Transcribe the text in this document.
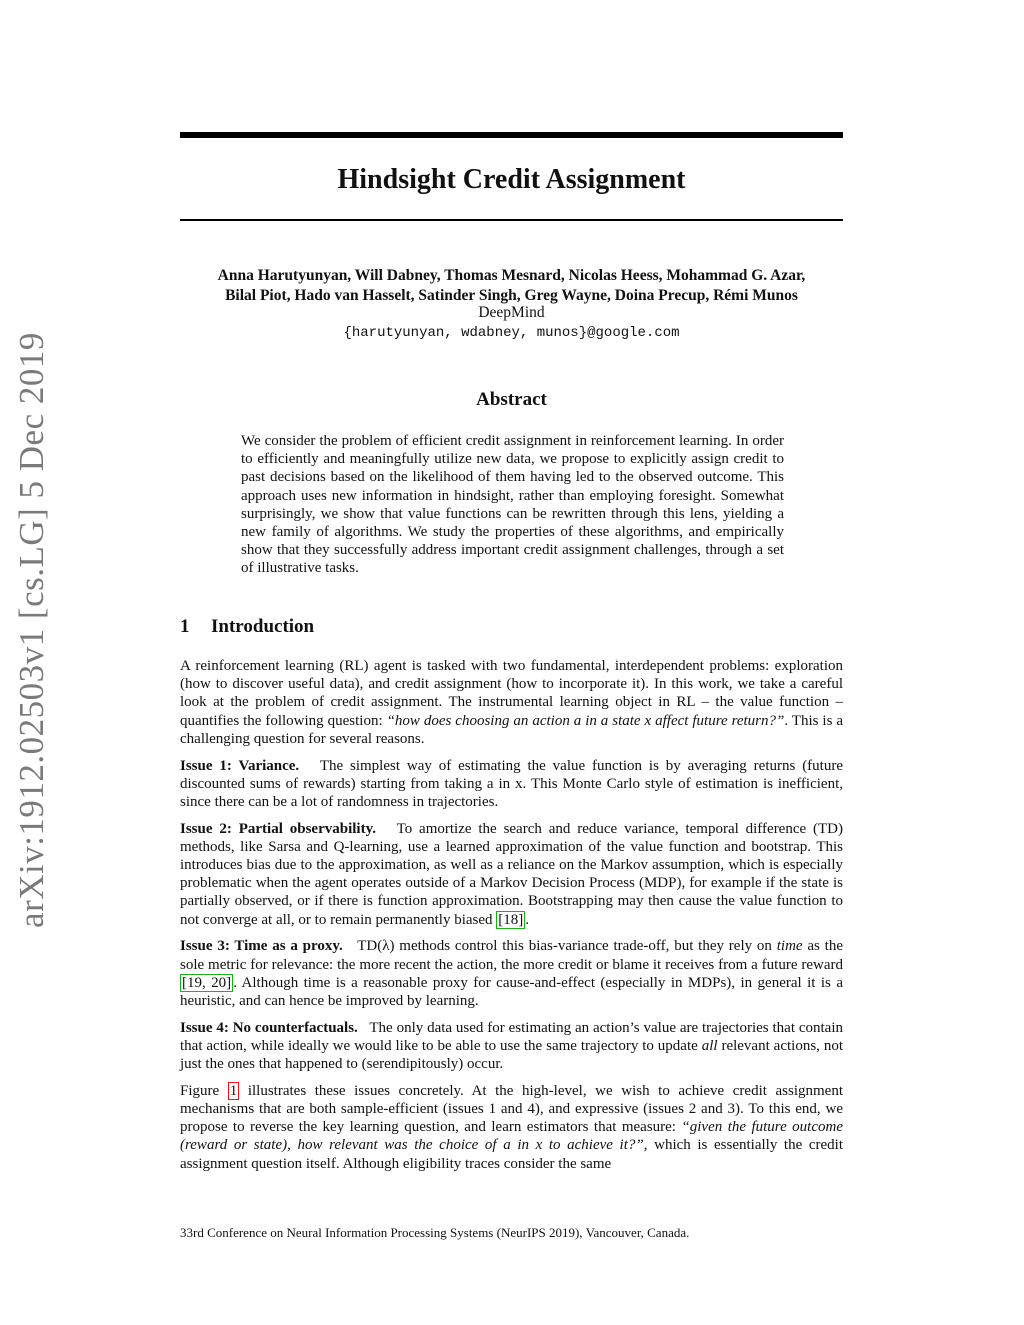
arXiv:1912.02503v1 [cs.LG] 5 Dec 2019
Hindsight Credit Assignment
Anna Harutyunyan, Will Dabney, Thomas Mesnard, Nicolas Heess, Mohammad G. Azar,
Bilal Piot, Hado van Hasselt, Satinder Singh, Greg Wayne, Doina Precup, Rémi Munos
DeepMind
{harutyunyan, wdabney, munos}@google.com
Abstract
We consider the problem of efficient credit assignment in reinforcement learning. In order to efficiently and meaningfully utilize new data, we propose to explicitly assign credit to past decisions based on the likelihood of them having led to the observed outcome. This approach uses new information in hindsight, rather than employing foresight. Somewhat surprisingly, we show that value functions can be rewritten through this lens, yielding a new family of algorithms. We study the properties of these algorithms, and empirically show that they successfully address important credit assignment challenges, through a set of illustrative tasks.
1 Introduction

A reinforcement learning (RL) agent is tasked with two fundamental, interdependent problems: exploration (how to discover useful data), and credit assignment (how to incorporate it). In this work, we take a careful look at the problem of credit assignment. The instrumental learning object in RL – the value function – quantifies the following question: “how does choosing an action a in a state x affect future return?”. This is a challenging question for several reasons.

Issue 1: Variance. The simplest way of estimating the value function is by averaging returns (future discounted sums of rewards) starting from taking a in x. This Monte Carlo style of estimation is inefficient, since there can be a lot of randomness in trajectories.

Issue 2: Partial observability. To amortize the search and reduce variance, temporal difference (TD) methods, like Sarsa and Q-learning, use a learned approximation of the value function and bootstrap. This introduces bias due to the approximation, as well as a reliance on the Markov assumption, which is especially problematic when the agent operates outside of a Markov Decision Process (MDP), for example if the state is partially observed, or if there is function approximation. Bootstrapping may then cause the value function to not converge at all, or to remain permanently biased [18] .

Issue 3: Time as a proxy. TD(λ) methods control this bias-variance trade-off, but they rely on time as the sole metric for relevance: the more recent the action, the more credit or blame it receives from a future reward [19, 20] . Although time is a reasonable proxy for cause-and-effect (especially in MDPs), in general it is a heuristic, and can hence be improved by learning.

Issue 4: No counterfactuals. The only data used for estimating an action’s value are trajectories that contain that action, while ideally we would like to be able to use the same trajectory to update all relevant actions, not just the ones that happened to (serendipitously) occur.

Figure 1 illustrates these issues concretely. At the high-level, we wish to achieve credit assignment mechanisms that are both sample-efficient (issues 1 and 4), and expressive (issues 2 and 3). To this end, we propose to reverse the key learning question, and learn estimators that measure: “given the future outcome (reward or state), how relevant was the choice of a in x to achieve it?”, which is essentially the credit assignment question itself. Although eligibility traces consider the same

33rd Conference on Neural Information Processing Systems (NeurIPS 2019), Vancouver, Canada.
